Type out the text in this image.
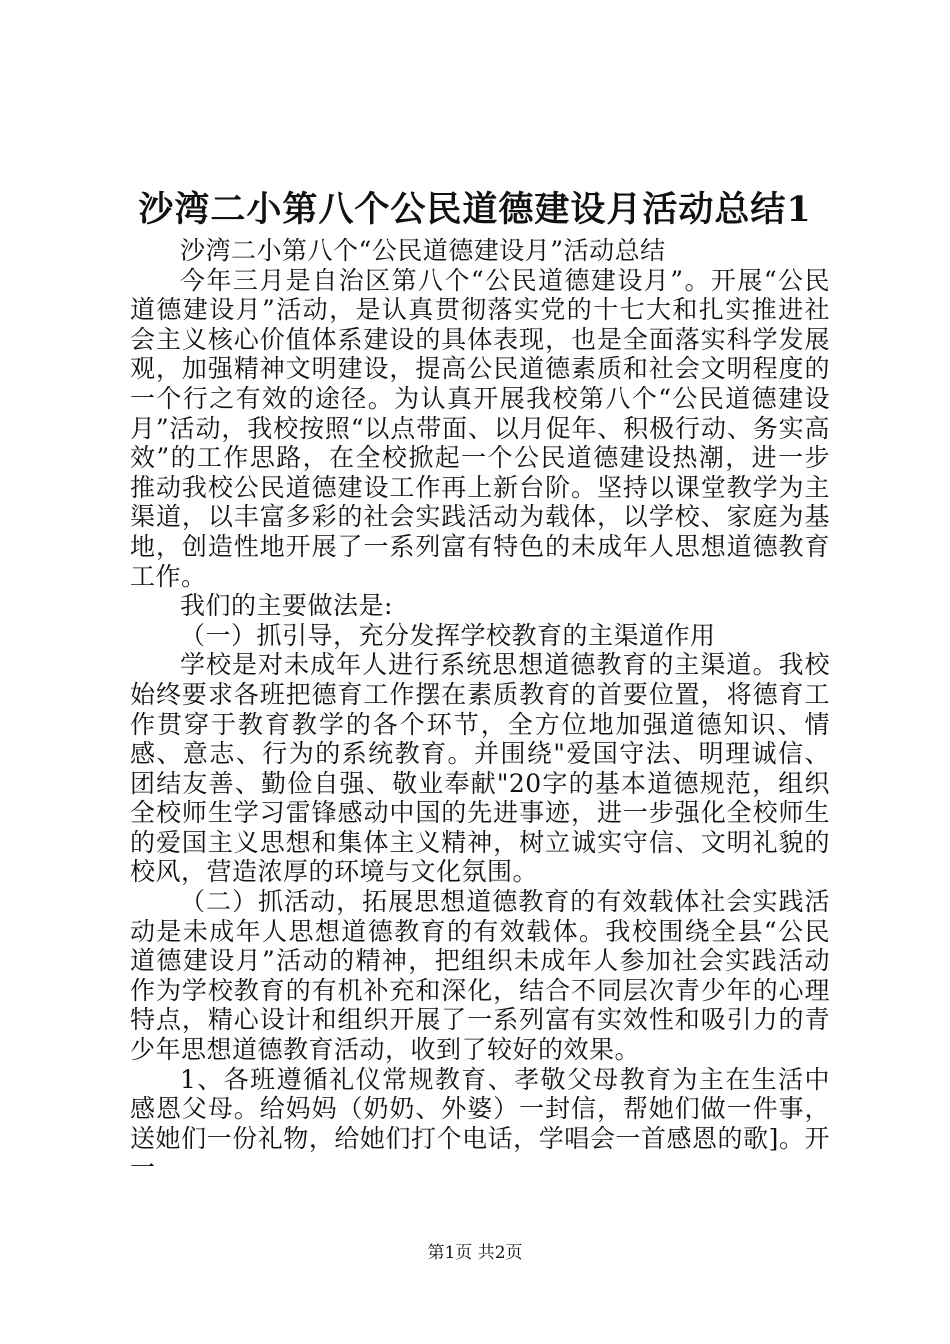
沙湾二小第八个公民道德建设月活动总结1

沙湾二小第八个“公民道德建设月”活动总结

今年三月是自治区第八个“公民道德建设月”。开展“公民道德建设月”活动，是认真贯彻落实党的十七大和扎实推进社会主义核心价值体系建设的具体表现，也是全面落实科学发展观，加强精神文明建设，提高公民道德素质和社会文明程度的一个行之有效的途径。为认真开展我校第八个“公民道德建设月”活动，我校按照“以点带面、以月促年、积极行动、务实高效”的工作思路，在全校掀起一个公民道德建设热潮，进一步推动我校公民道德建设工作再上新台阶。坚持以课堂教学为主渠道，以丰富多彩的社会实践活动为载体，以学校、家庭为基地，创造性地开展了一系列富有特色的未成年人思想道德教育工作。

我们的主要做法是:

（一）抓引导，充分发挥学校教育的主渠道作用

学校是对未成年人进行系统思想道德教育的主渠道。我校始终要求各班把德育工作摆在素质教育的首要位置，将德育工作贯穿于教育教学的各个环节，全方位地加强道德知识、情感、意志、行为的系统教育。并围绕"爱国守法、明理诚信、团结友善、勤俭自强、敬业奉献"20字的基本道德规范，组织全校师生学习雷锋感动中国的先进事迹，进一步强化全校师生的爱国主义思想和集体主义精神，树立诚实守信、文明礼貌的校风，营造浓厚的环境与文化氛围。

（二）抓活动，拓展思想道德教育的有效载体社会实践活动是未成年人思想道德教育的有效载体。我校围绕全县“公民道德建设月”活动的精神，把组织未成年人参加社会实践活动作为学校教育的有机补充和深化，结合不同层次青少年的心理特点，精心设计和组织开展了一系列富有实效性和吸引力的青少年思想道德教育活动，收到了较好的效果。

1、各班遵循礼仪常规教育、孝敬父母教育为主在生活中感恩父母。给妈妈（奶奶、外婆）一封信，帮她们做一件事，送她们一份礼物，给她们打个电话，学唱会一首感恩的歌]。开一

第1页 共2页
